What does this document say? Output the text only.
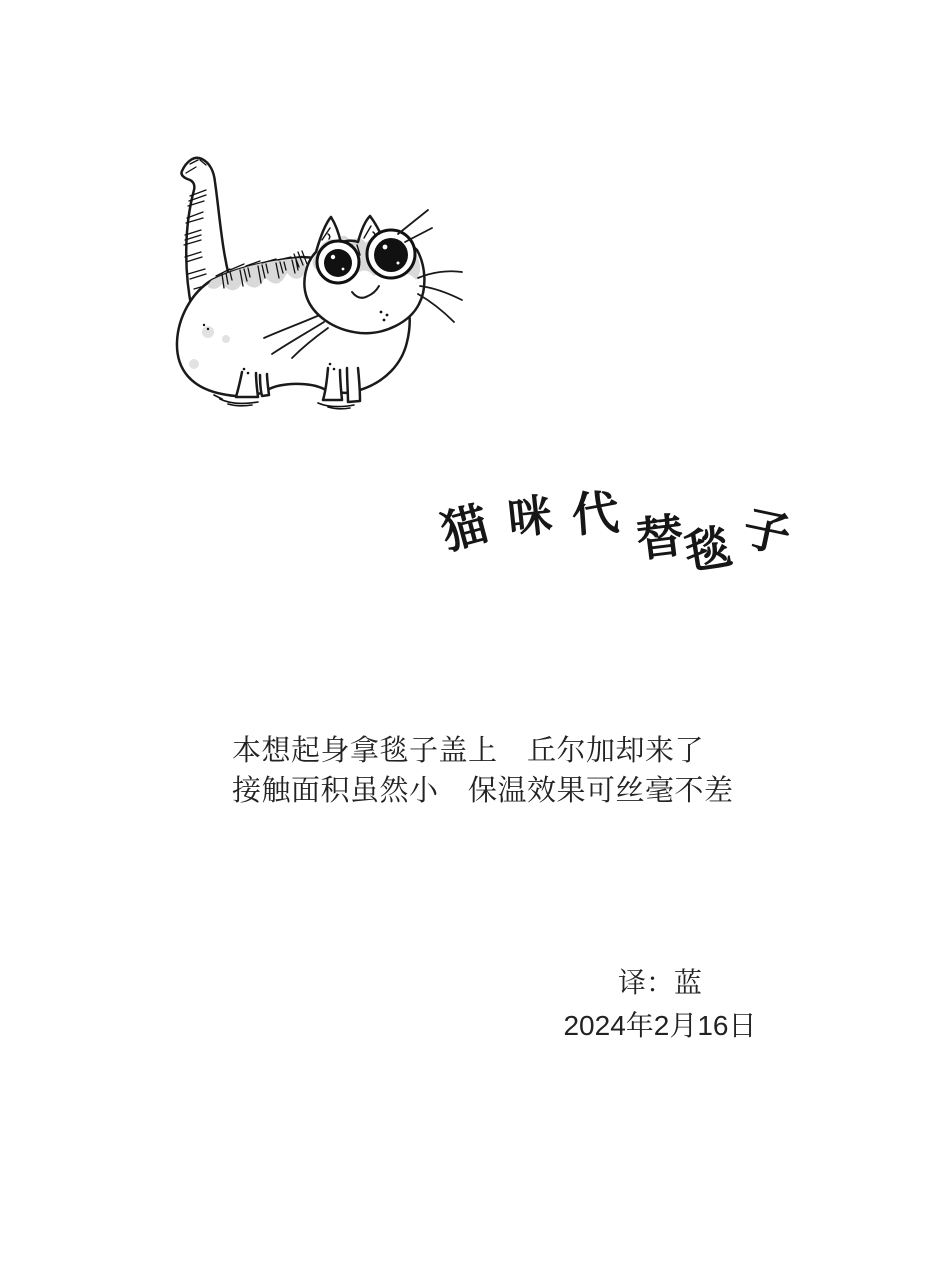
猫 咪 代 替
毯 子
本想起身拿毯子盖上　丘尔加却来了
接触面积虽然小　保温效果可丝毫不差
译：蓝
2024年2月16日
